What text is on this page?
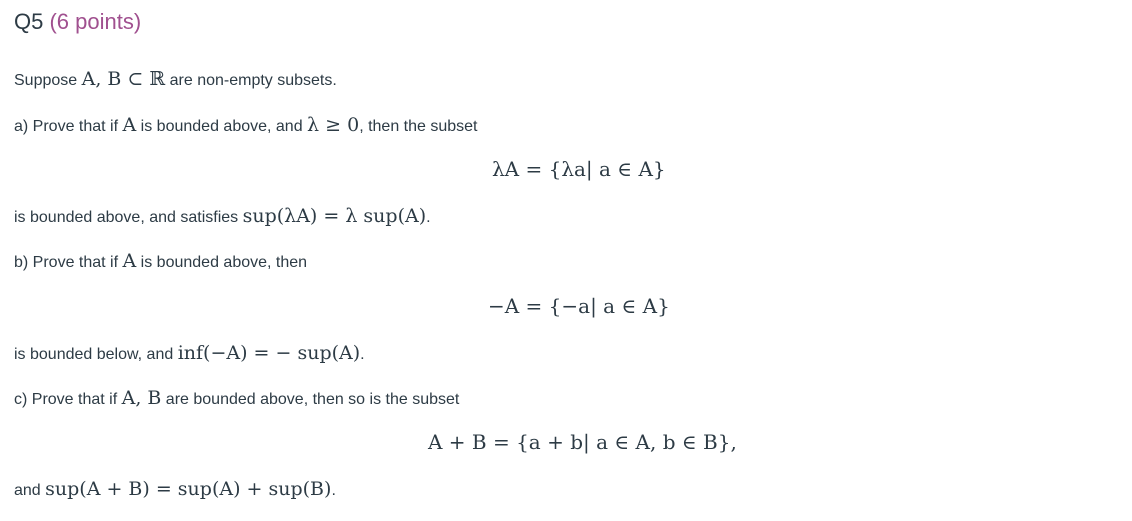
Q5 (6 points)
Suppose A, B ⊂ ℝ are non-empty subsets.
a) Prove that if A is bounded above, and λ ≥ 0, then the subset
λA = {λa| a ∈ A}
is bounded above, and satisfies sup(λA) = λ sup(A).
b) Prove that if A is bounded above, then
−A = {−a| a ∈ A}
is bounded below, and inf(−A) = − sup(A).
c) Prove that if A, B are bounded above, then so is the subset
A + B = {a + b| a ∈ A, b ∈ B},
and sup(A + B) = sup(A) + sup(B).
